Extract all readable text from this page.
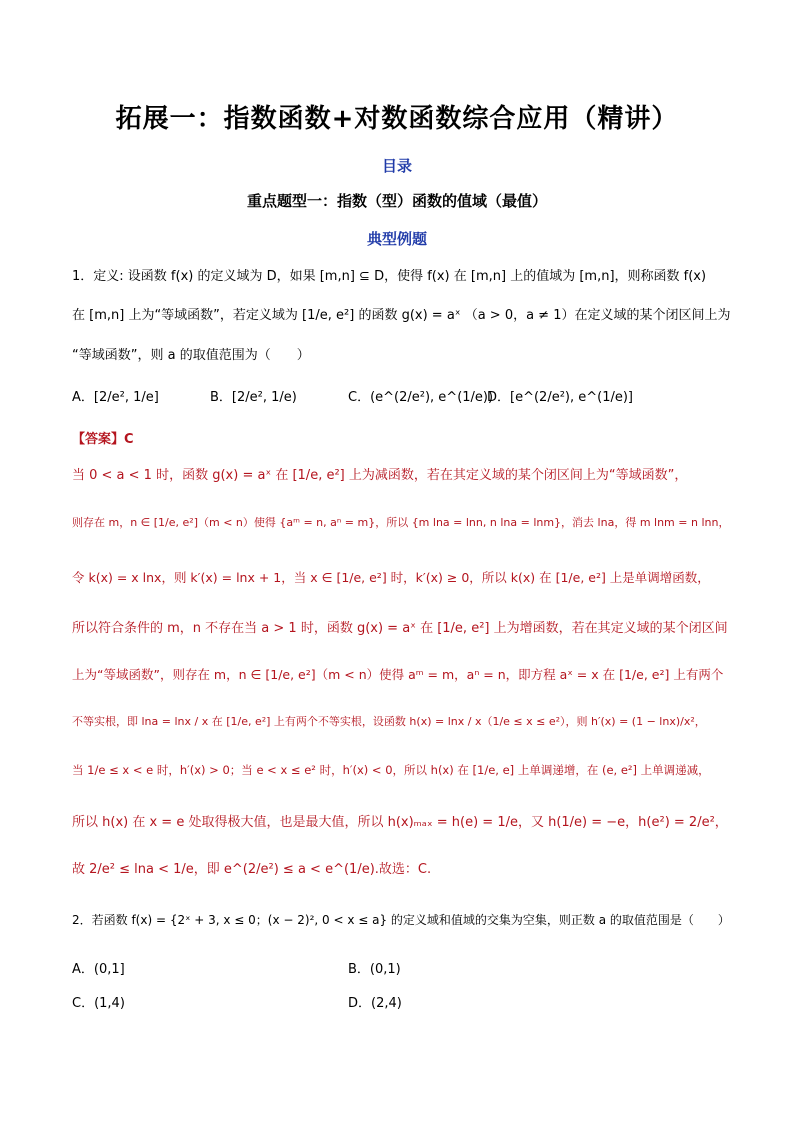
拓展一：指数函数+对数函数综合应用（精讲）
目录
重点题型一：指数（型）函数的值域（最值）
典型例题
1．定义: 设函数 f(x) 的定义域为 D，如果 [m,n] ⊆ D，使得 f(x) 在 [m,n] 上的值域为 [m,n]，则称函数 f(x)
在 [m,n] 上为“等域函数”，若定义域为 [1/e, e²] 的函数 g(x) = aˣ （a > 0，a ≠ 1）在定义域的某个闭区间上为
“等域函数”，则 a 的取值范围为（　　）
A．[2/e², 1/e]	B．[2/e², 1/e)	C．(e^(2/e²), e^(1/e))
D．[e^(2/e²), e^(1/e)]
【答案】C
当 0 < a < 1 时，函数 g(x) = aˣ 在 [1/e, e²] 上为减函数，若在其定义域的某个闭区间上为“等域函数”，
则存在 m，n ∈ [1/e, e²]（m < n）使得 {aᵐ = n, aⁿ = m}，所以 {m lna = lnn, n lna = lnm}，消去 lna，得 m lnm = n lnn，
令 k(x) = x lnx，则 k′(x) = lnx + 1，当 x ∈ [1/e, e²] 时，k′(x) ≥ 0，所以 k(x) 在 [1/e, e²] 上是单调增函数，
所以符合条件的 m，n 不存在当 a > 1 时，函数 g(x) = aˣ 在 [1/e, e²] 上为增函数，若在其定义域的某个闭区间
上为“等域函数”，则存在 m，n ∈ [1/e, e²]（m < n）使得 aᵐ = m，aⁿ = n，即方程 aˣ = x 在 [1/e, e²] 上有两个
不等实根，即 lna = lnx / x 在 [1/e, e²] 上有两个不等实根，设函数 h(x) = lnx / x（1/e ≤ x ≤ e²），则 h′(x) = (1 − lnx)/x²，
当 1/e ≤ x < e 时，h′(x) > 0；当 e < x ≤ e² 时，h′(x) < 0，所以 h(x) 在 [1/e, e] 上单调递增，在 (e, e²] 上单调递减，
所以 h(x) 在 x = e 处取得极大值，也是最大值，所以 h(x)ₘₐₓ = h(e) = 1/e，又 h(1/e) = −e，h(e²) = 2/e²，
故 2/e² ≤ lna < 1/e，即 e^(2/e²) ≤ a < e^(1/e).故选：C.
2．若函数 f(x) = {2ˣ + 3, x ≤ 0；(x − 2)², 0 < x ≤ a} 的定义域和值域的交集为空集，则正数 a 的取值范围是（　　）
A．(0,1]	B．(0,1)
C．(1,4)	D．(2,4)
